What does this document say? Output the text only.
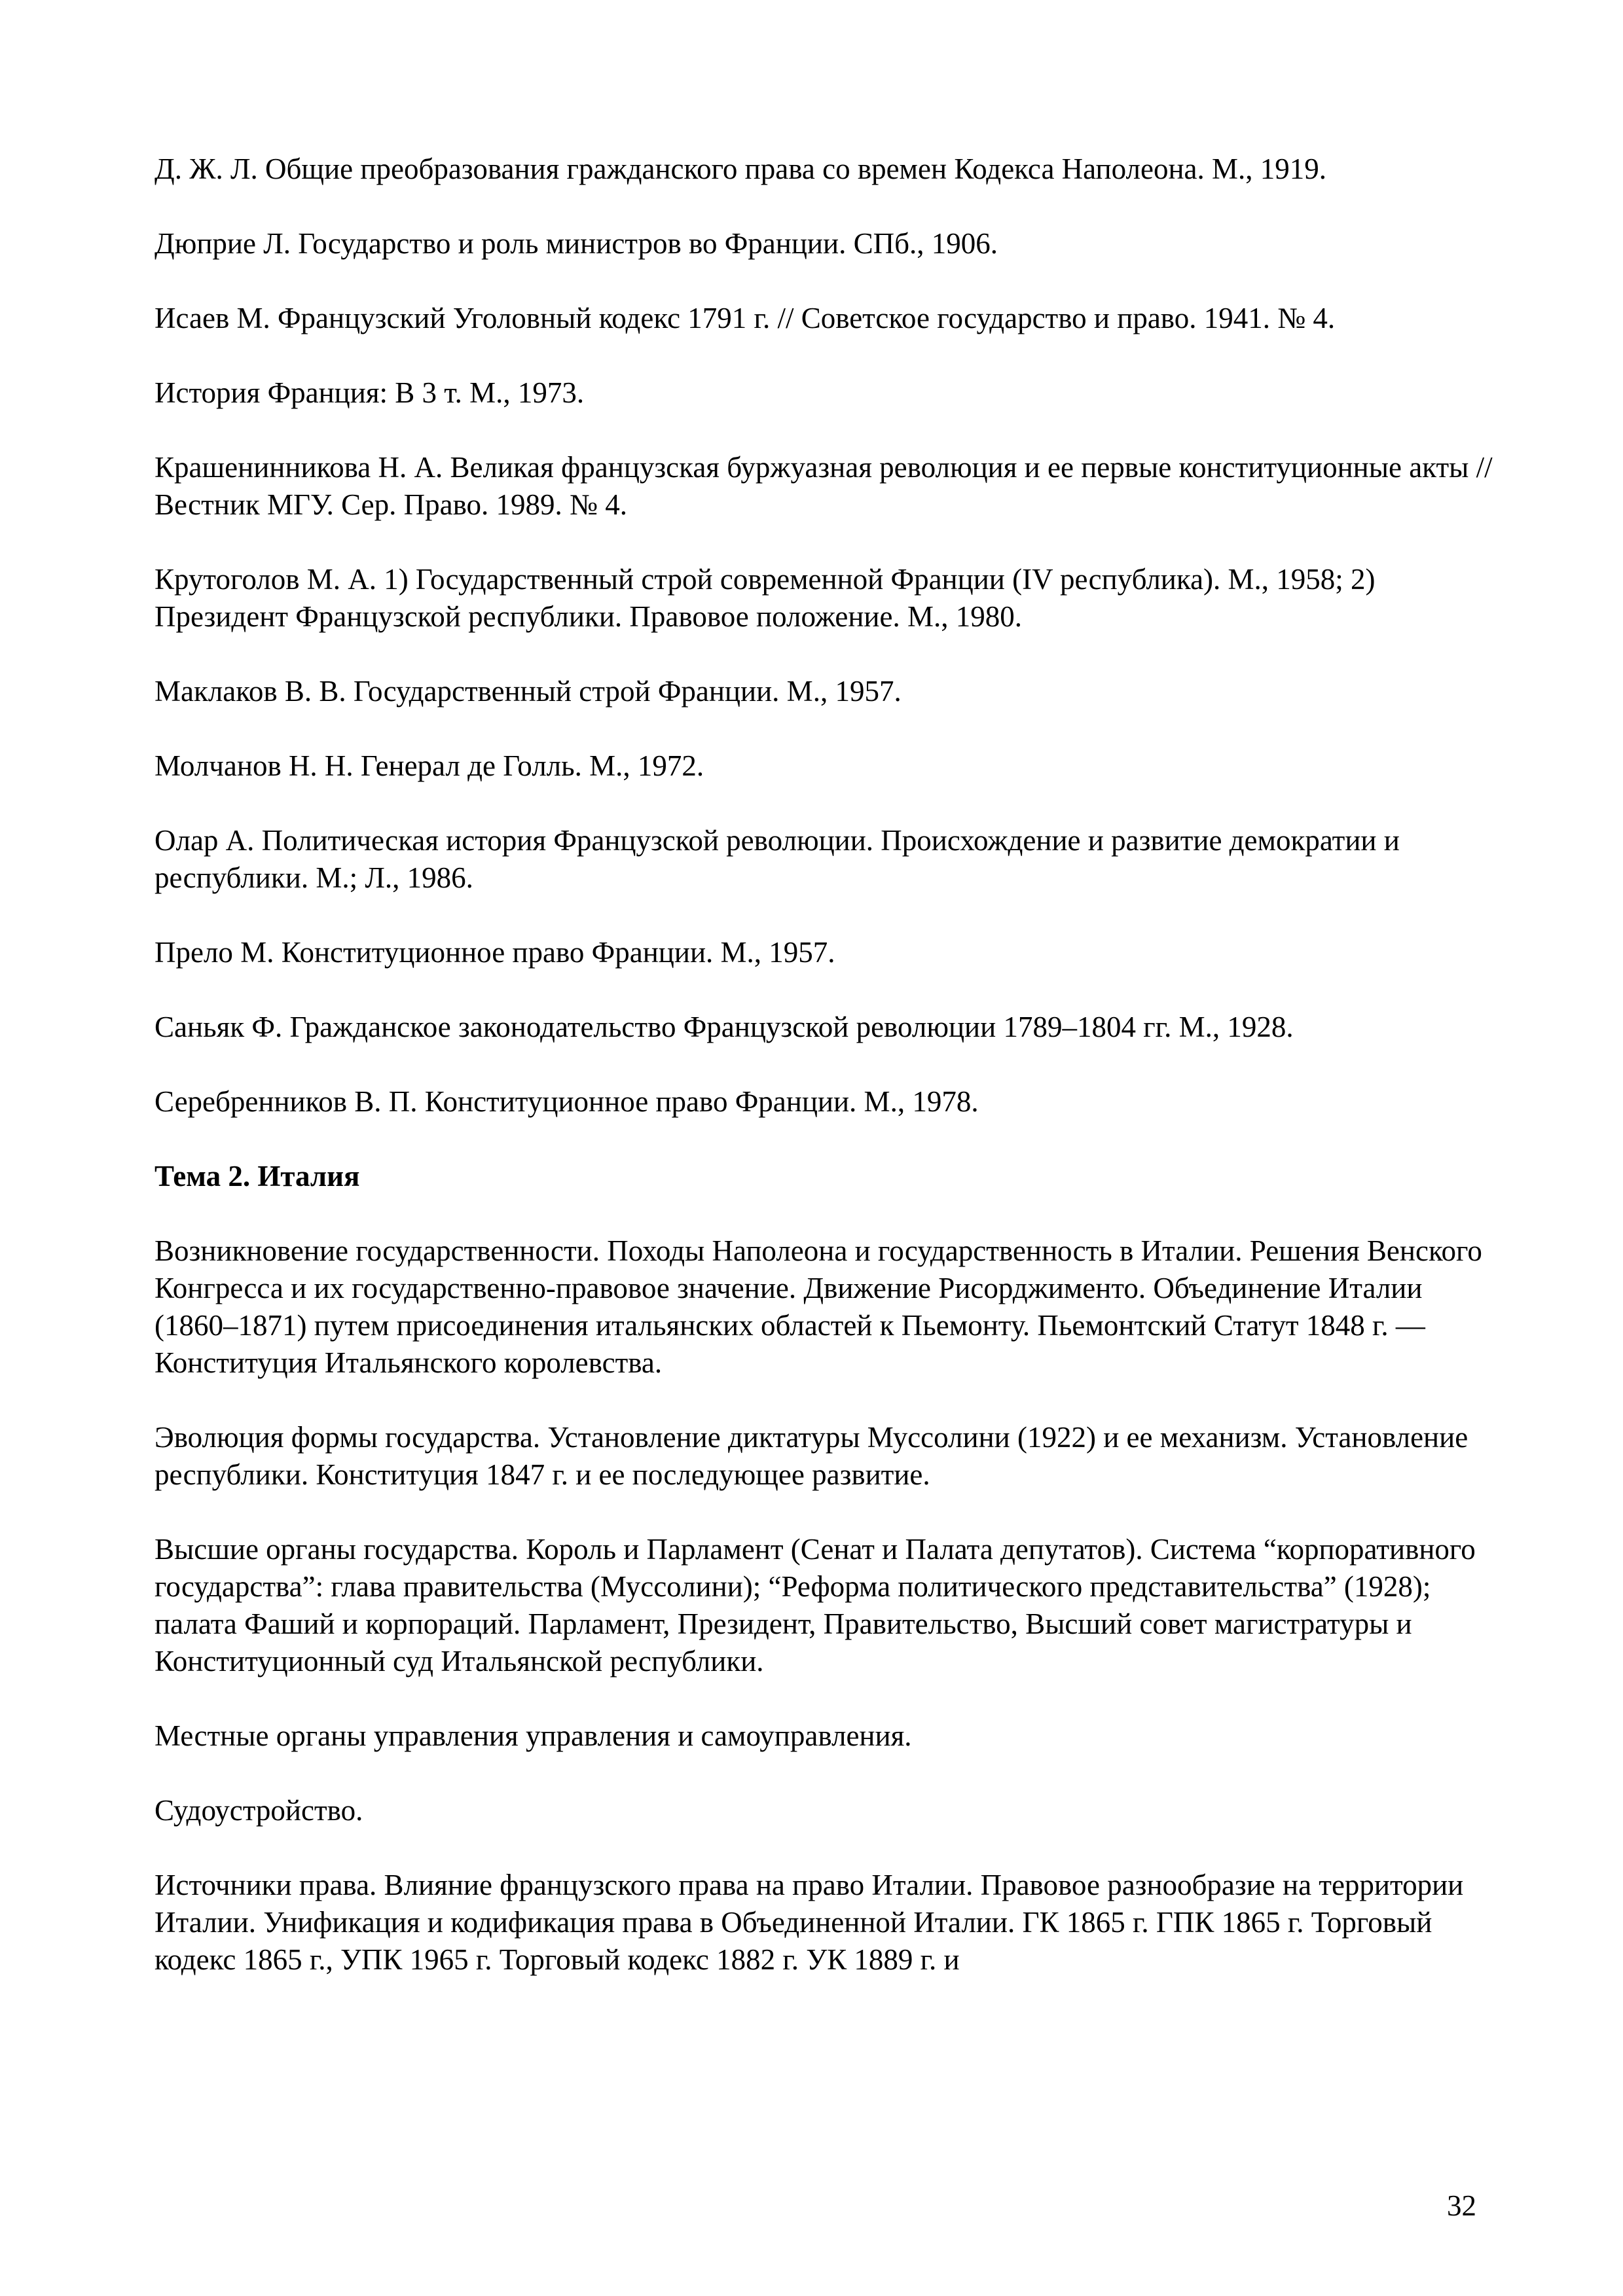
Д. Ж. Л. Общие преобразования гражданского права со времен Кодекса Наполеона. М., 1919.

Дюприе Л. Государство и роль министров во Франции. СПб., 1906.

Исаев М. Французский Уголовный кодекс 1791 г. // Советское государство и право. 1941. № 4.

История Франция: В 3 т. М., 1973.

Крашенинникова Н. А. Великая французская буржуазная революция и ее первые конституционные акты // Вестник МГУ. Сер. Право. 1989. № 4.

Крутоголов М. А. 1) Государственный строй современной Франции (IV республика). М., 1958; 2) Президент Французской республики. Правовое положение. М., 1980.

Маклаков В. В. Государственный строй Франции. М., 1957.

Молчанов Н. Н. Генерал де Голль. М., 1972.

Олар А. Политическая история Французской революции. Происхождение и развитие демократии и республики. М.; Л., 1986.

Прело М. Конституционное право Франции. М., 1957.

Саньяк Ф. Гражданское законодательство Французской революции 1789–1804 гг. М., 1928.

Серебренников В. П. Конституционное право Франции. М., 1978.

Тема 2. Италия

Возникновение государственности. Походы Наполеона и государственность в Италии. Решения Венского Конгресса и их государственно-правовое значение. Движение Рисорджименто. Объединение Италии (1860–1871) путем присоединения итальянских областей к Пьемонту. Пьемонтский Статут 1848 г. — Конституция Итальянского королевства.

Эволюция формы государства. Установление диктатуры Муссолини (1922) и ее механизм. Установление республики. Конституция 1847 г. и ее последующее развитие.

Высшие органы государства. Король и Парламент (Сенат и Палата депутатов). Система “корпоративного государства”: глава правительства (Муссолини); “Реформа политического представительства” (1928); палата Фаший и корпораций. Парламент, Президент, Правительство, Высший совет магистратуры и Конституционный суд Итальянской республики.

Местные органы управления управления и самоуправления.

Судоустройство.

Источники права. Влияние французского права на право Италии. Правовое разнообразие на территории Италии. Унификация и кодификация права в Объединенной Италии. ГК 1865 г. ГПК 1865 г. Торговый кодекс 1865 г., УПК 1965 г. Торговый кодекс 1882 г. УК 1889 г. и

32
